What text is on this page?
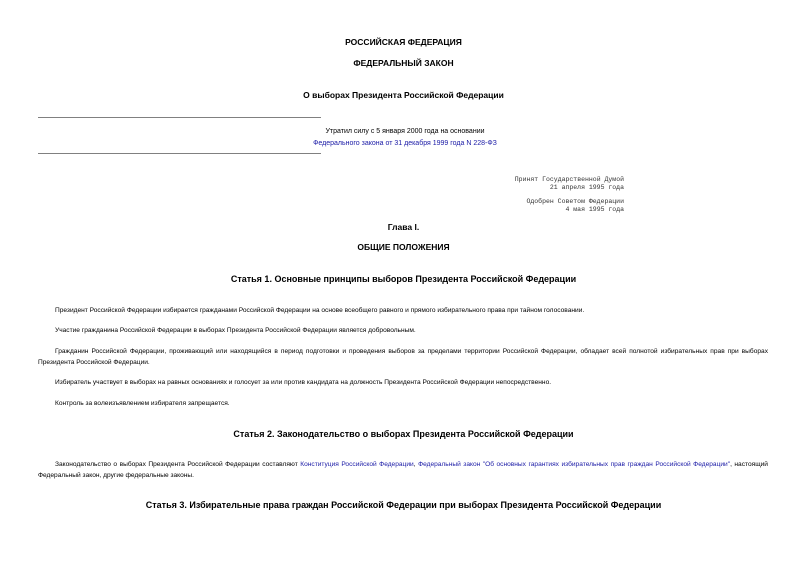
РОССИЙСКАЯ ФЕДЕРАЦИЯ
ФЕДЕРАЛЬНЫЙ ЗАКОН
О выборах Президента Российской Федерации
Утратил силу с 5 января 2000 года на основании
Федерального закона от 31 декабря 1999 года N 228-ФЗ
Принят Государственной Думой
21 апреля 1995 года
Одобрен Советом Федерации
4 мая 1995 года
Глава I.
ОБЩИЕ ПОЛОЖЕНИЯ
Статья 1. Основные принципы выборов Президента Российской Федерации
Президент Российской Федерации избирается гражданами Российской Федерации на основе всеобщего равного и прямого избирательного права при тайном голосовании.
Участие гражданина Российской Федерации в выборах Президента Российской Федерации является добровольным.
Гражданин Российской Федерации, проживающий или находящийся в период подготовки и проведения выборов за пределами территории Российской Федерации, обладает всей полнотой избирательных прав при выборах Президента Российской Федерации.
Избиратель участвует в выборах на равных основаниях и голосует за или против кандидата на должность Президента Российской Федерации непосредственно.
Контроль за волеизъявлением избирателя запрещается.
Статья 2. Законодательство о выборах Президента Российской Федерации
Законодательство о выборах Президента Российской Федерации составляют Конституция Российской Федерации, Федеральный закон "Об основных гарантиях избирательных прав граждан Российской Федерации", настоящий Федеральный закон, другие федеральные законы.
Статья 3. Избирательные права граждан Российской Федерации при выборах Президента Российской Федерации
